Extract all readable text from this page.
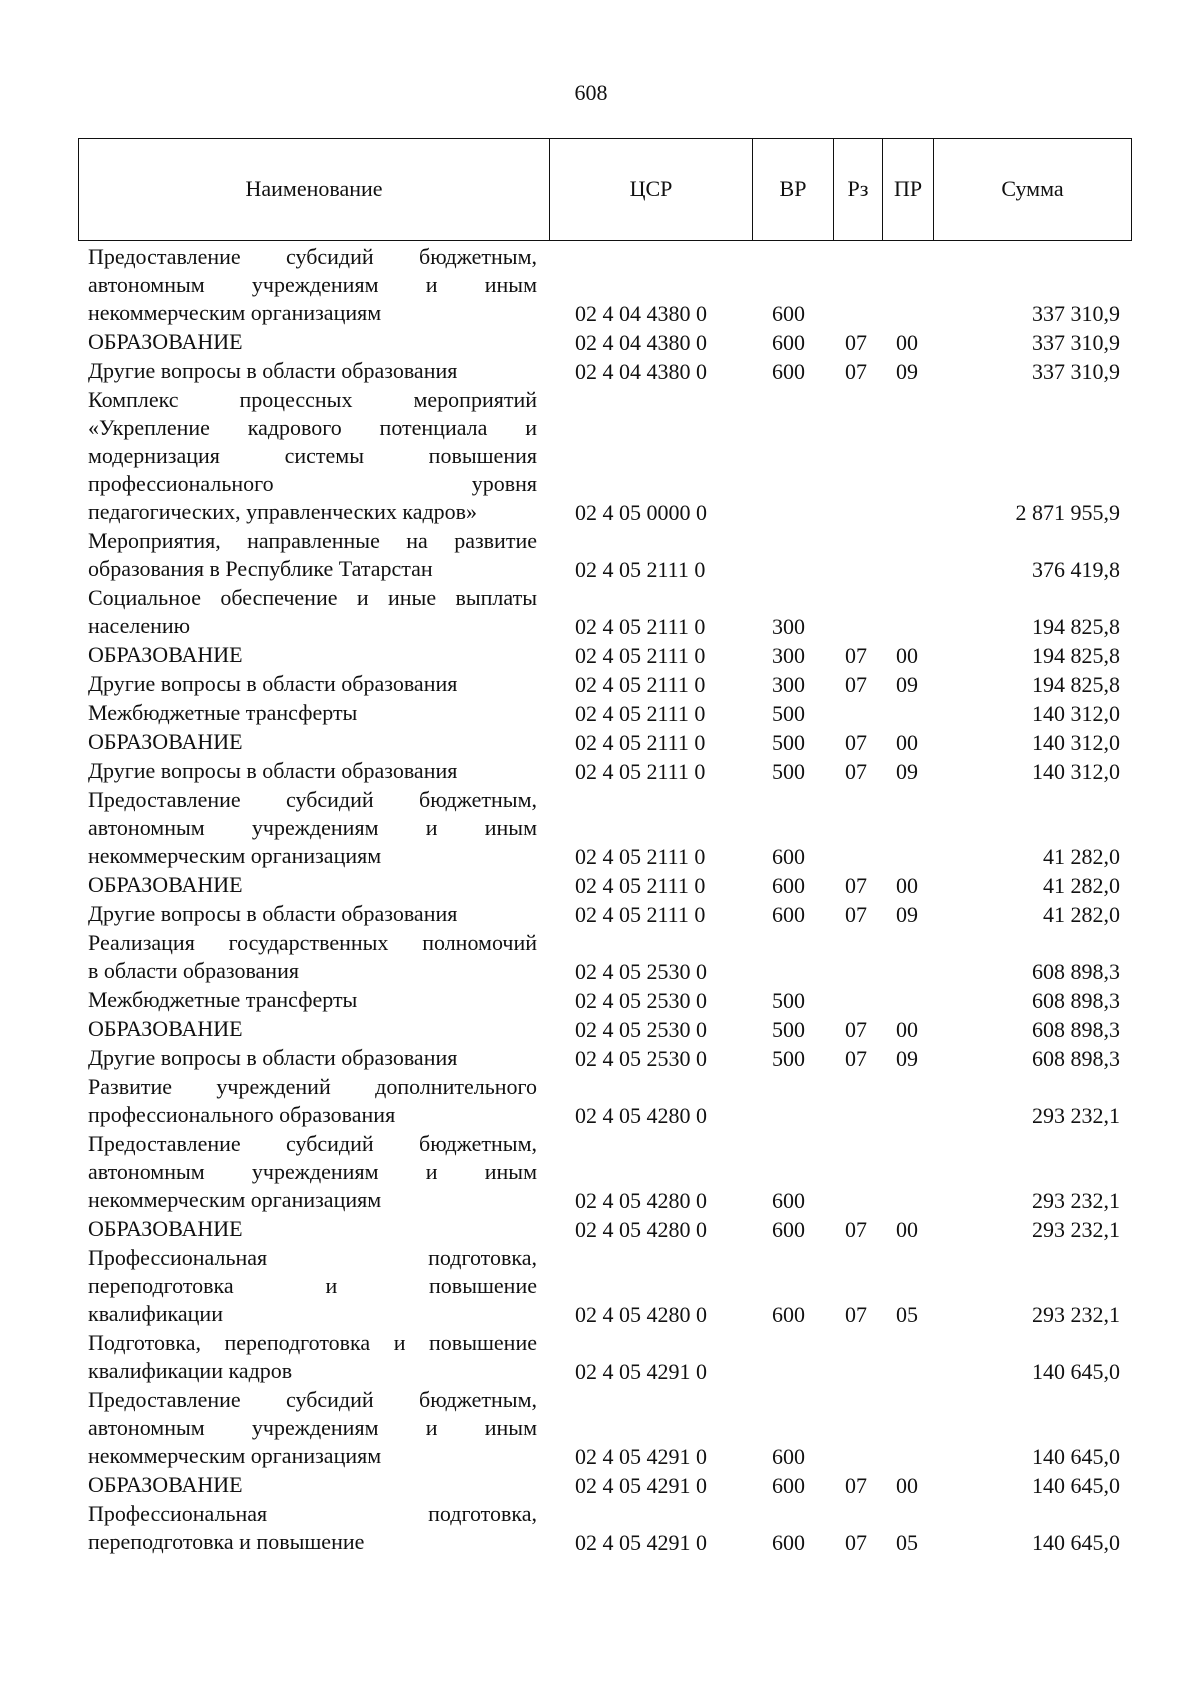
608
Наименование	ЦСР	ВР Рз ПР	Сумма
Предоставление субсидий бюджетным,
автономным учреждениям и иным
некоммерческим организациям	02 4 04 4380 0	600	337 310,9
ОБРАЗОВАНИЕ	02 4 04 4380 0	600 07 00	337 310,9
Другие вопросы в области образования	02 4 04 4380 0	600 07 09	337 310,9
Комплекс процессных мероприятий
«Укрепление кадрового потенциала и
модернизация системы повышения
профессионального уровня
педагогических, управленческих кадров»	02 4 05 0000 0	2 871 955,9
Мероприятия, направленные на развитие
образования в Республике Татарстан	02 4 05 2111 0	376 419,8
Социальное обеспечение и иные выплаты
населению	02 4 05 2111 0	300	194 825,8
ОБРАЗОВАНИЕ	02 4 05 2111 0	300 07 00	194 825,8
Другие вопросы в области образования	02 4 05 2111 0	300 07 09	194 825,8
Межбюджетные трансферты	02 4 05 2111 0	500	140 312,0
ОБРАЗОВАНИЕ	02 4 05 2111 0	500 07 00	140 312,0
Другие вопросы в области образования	02 4 05 2111 0	500 07 09	140 312,0
Предоставление субсидий бюджетным,
автономным учреждениям и иным
некоммерческим организациям	02 4 05 2111 0	600	41 282,0
ОБРАЗОВАНИЕ	02 4 05 2111 0	600 07 00	41 282,0
Другие вопросы в области образования	02 4 05 2111 0	600 07 09	41 282,0
Реализация государственных полномочий
в области образования	02 4 05 2530 0	608 898,3
Межбюджетные трансферты	02 4 05 2530 0	500	608 898,3
ОБРАЗОВАНИЕ	02 4 05 2530 0	500 07 00	608 898,3
Другие вопросы в области образования	02 4 05 2530 0	500 07 09	608 898,3
Развитие учреждений дополнительного
профессионального образования	02 4 05 4280 0	293 232,1
Предоставление субсидий бюджетным,
автономным учреждениям и иным
некоммерческим организациям	02 4 05 4280 0	600	293 232,1
ОБРАЗОВАНИЕ	02 4 05 4280 0	600 07 00	293 232,1
Профессиональная подготовка,
переподготовка и повышение
квалификации	02 4 05 4280 0	600 07 05	293 232,1
Подготовка, переподготовка и повышение
квалификации кадров	02 4 05 4291 0	140 645,0
Предоставление субсидий бюджетным,
автономным учреждениям и иным
некоммерческим организациям	02 4 05 4291 0	600	140 645,0
ОБРАЗОВАНИЕ	02 4 05 4291 0	600 07 00	140 645,0
Профессиональная подготовка,
переподготовка и повышение	02 4 05 4291 0	600 07 05	140 645,0
